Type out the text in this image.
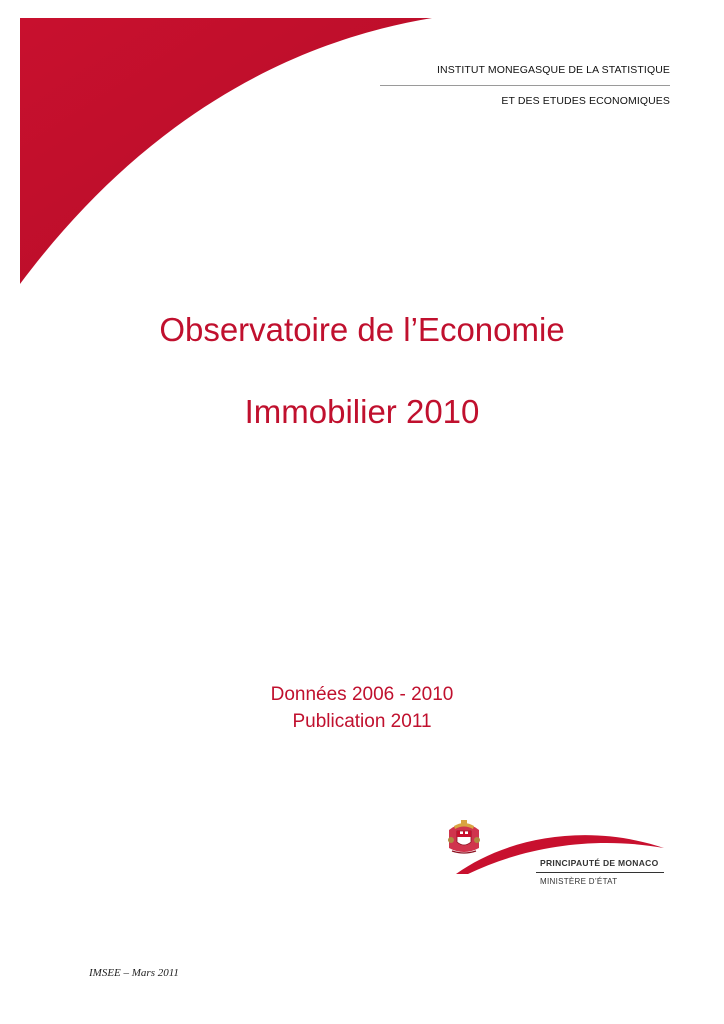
INSTITUT MONEGASQUE DE LA STATISTIQUE
ET DES ETUDES ECONOMIQUES
Observatoire de l’Economie
Immobilier 2010
Données 2006 - 2010
Publication 2011
PRINCIPAUTÉ DE MONACO
MINISTÈRE D’ÉTAT
IMSEE – Mars 2011
